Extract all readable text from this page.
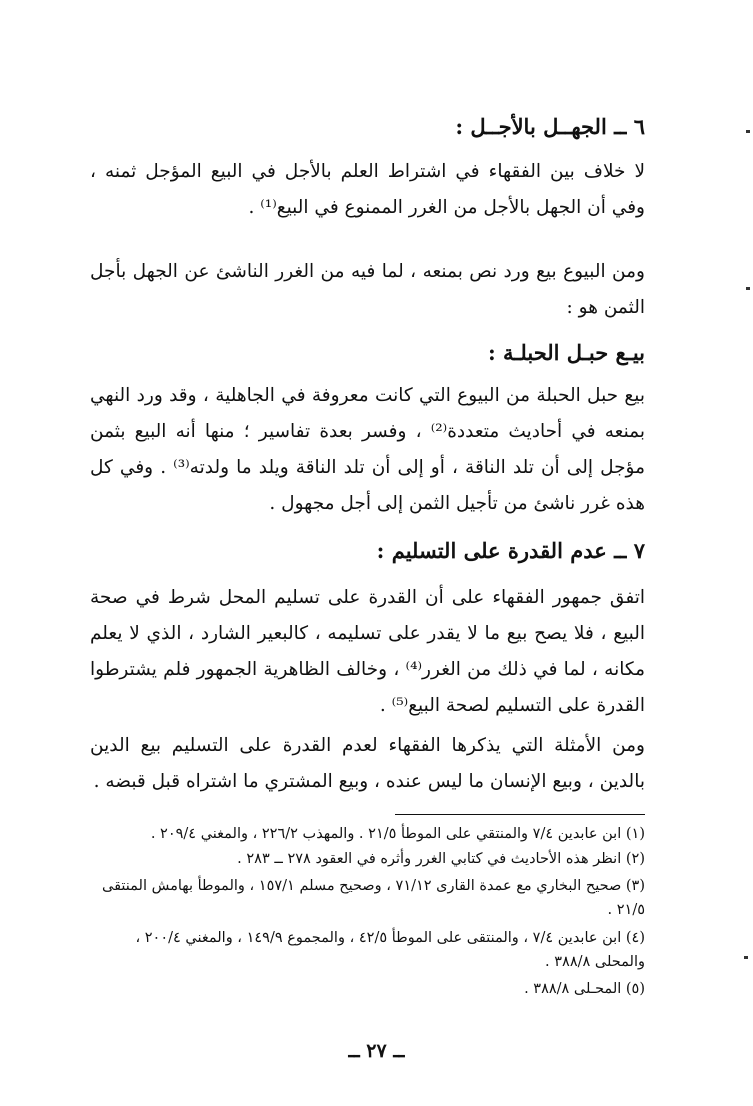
٦ ــ الجهــل بالأجــل :
لا خلاف بين الفقهاء في اشتراط العلم بالأجل في البيع المؤجل ثمنه ، وفي أن الجهل بالأجل من الغرر الممنوع في البيع⁽¹⁾ .
ومن البيوع بيع ورد نص بمنعه ، لما فيه من الغرر الناشئ عن الجهل بأجل الثمن هو :
بيـع حبـل الحبلـة :
بيع حبل الحبلة من البيوع التي كانت معروفة في الجاهلية ، وقد ورد النهي بمنعه في أحاديث متعددة⁽²⁾ ، وفسر بعدة تفاسير ؛ منها أنه البيع بثمن مؤجل إلى أن تلد الناقة ، أو إلى أن تلد الناقة ويلد ما ولدته⁽³⁾ . وفي كل هذه غرر ناشئ من تأجيل الثمن إلى أجل مجهول .
٧ ــ عدم القدرة على التسليم :
اتفق جمهور الفقهاء على أن القدرة على تسليم المحل شرط في صحة البيع ، فلا يصح بيع ما لا يقدر على تسليمه ، كالبعير الشارد ، الذي لا يعلم مكانه ، لما في ذلك من الغرر⁽⁴⁾ ، وخالف الظاهرية الجمهور فلم يشترطوا القدرة على التسليم لصحة البيع⁽⁵⁾ .
ومن الأمثلة التي يذكرها الفقهاء لعدم القدرة على التسليم بيع الدين بالدين ، وبيع الإنسان ما ليس عنده ، وبيع المشتري ما اشتراه قبل قبضه .
(١) ابن عابدين ٧/٤ والمنتقي على الموطأ ٢١/٥ . والمهذب ٢٢٦/٢ ، والمغني ٢٠٩/٤ .
(٢) انظر هذه الأحاديث في كتابي الغرر وأثره في العقود ٢٧٨ ــ ٢٨٣ .
(٣) صحيح البخاري مع عمدة القارى ٧١/١٢ ، وصحيح مسلم ١٥٧/١ ، والموطأ بهامش المنتقى ٢١/٥ .
(٤) ابن عابدين ٧/٤ ، والمنتقى على الموطأ ٤٢/٥ ، والمجموع ١٤٩/٩ ، والمغني ٢٠٠/٤ ، والمحلى ٣٨٨/٨ .
(٥) المحـلى ٣٨٨/٨ .
ــ ٢٧ ــ
